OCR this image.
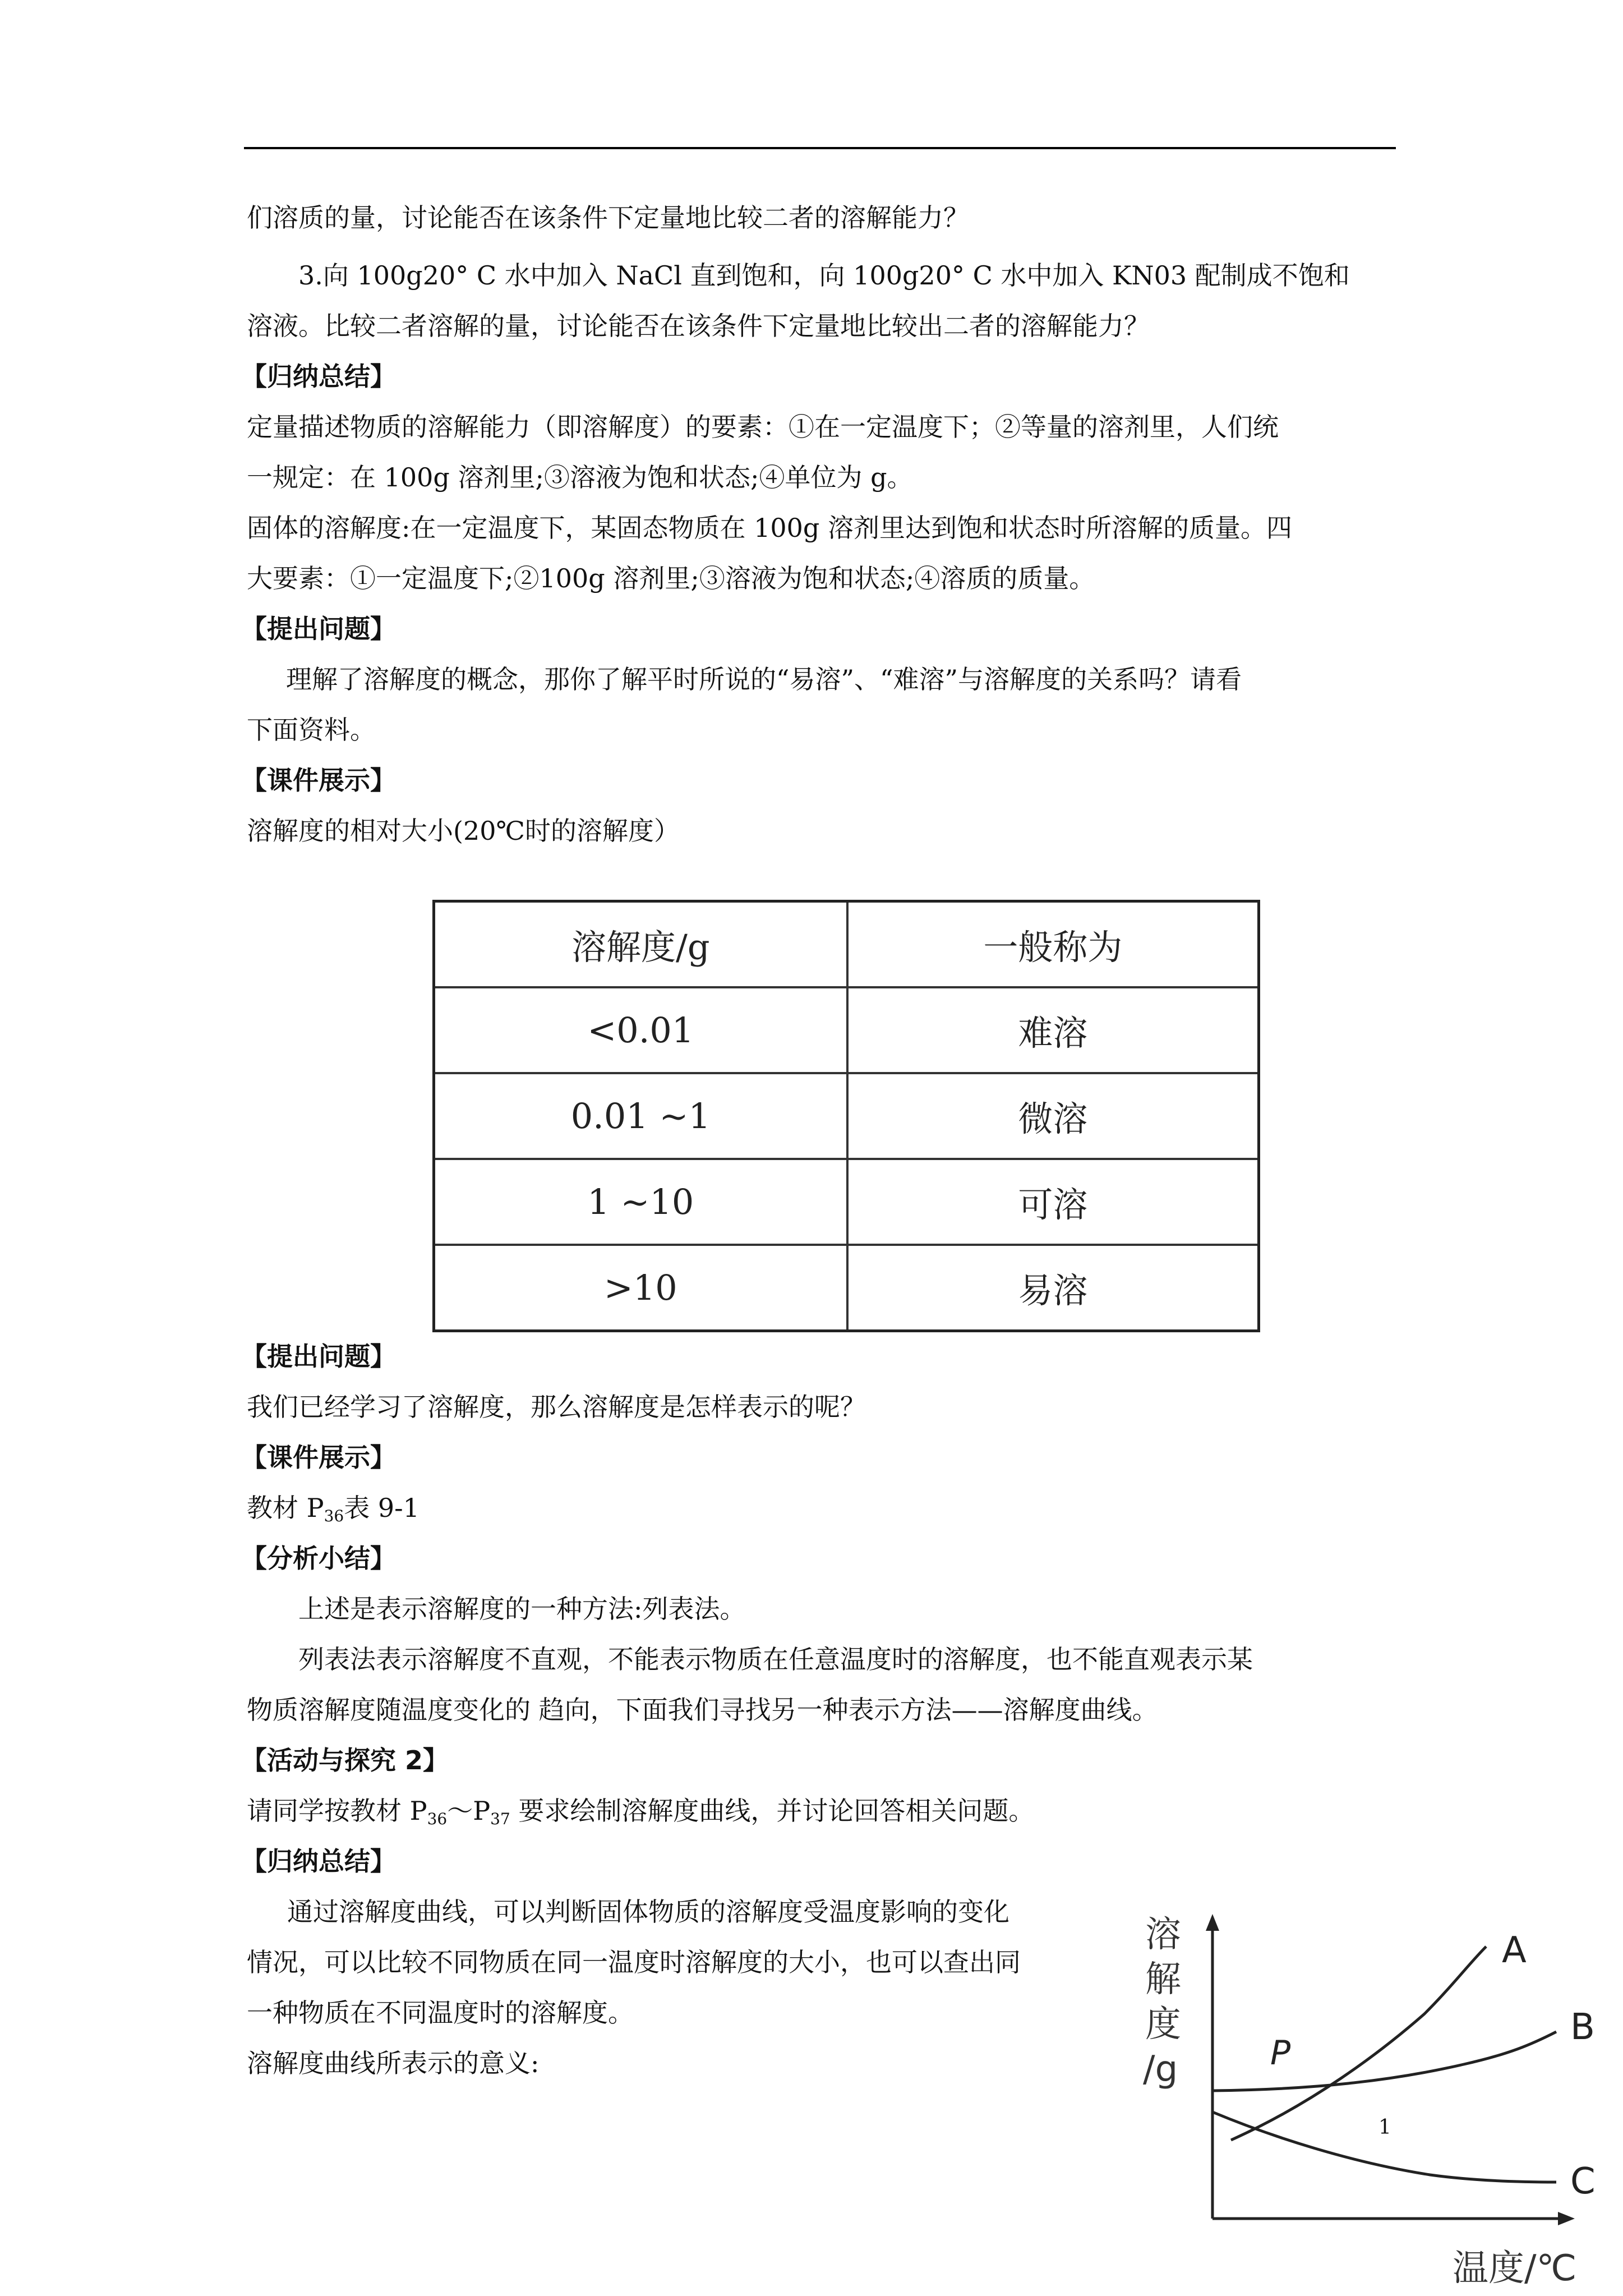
们溶质的量，讨论能否在该条件下定量地比较二者的溶解能力？

3.向 100g20° C 水中加入 NaCl 直到饱和，向 100g20° C 水中加入 KN03 配制成不饱和

溶液。比较二者溶解的量，讨论能否在该条件下定量地比较出二者的溶解能力？

【归纳总结】

定量描述物质的溶解能力（即溶解度）的要素：①在一定温度下；②等量的溶剂里，人们统

一规定：在 100g 溶剂里;③溶液为饱和状态;④单位为 g。

固体的溶解度:在一定温度下，某固态物质在 100g 溶剂里达到饱和状态时所溶解的质量。四

大要素：①一定温度下;②100g 溶剂里;③溶液为饱和状态;④溶质的质量。

【提出问题】

理解了溶解度的概念，那你了解平时所说的“易溶”、“难溶”与溶解度的关系吗？请看

下面资料。

【课件展示】

溶解度的相对大小(20℃时的溶解度）

溶解度/g	一般称为
<0.01	难溶
0.01 ~1	微溶
1 ~10	可溶
>10	易溶
【提出问题】

我们已经学习了溶解度，那么溶解度是怎样表示的呢？

【课件展示】

教材 $P_{36}$表 9-1

【分析小结】

上述是表示溶解度的一种方法:列表法。

列表法表示溶解度不直观，不能表示物质在任意温度时的溶解度，也不能直观表示某

物质溶解度随温度变化的 趋向，下面我们寻找另一种表示方法——溶解度曲线。

【活动与探究 2】

请同学按教材 $P_{36}\sim P_{37}$ 要求绘制溶解度曲线，并讨论回答相关问题。

【归纳总结】

通过溶解度曲线，可以判断固体物质的溶解度受温度影响的变化

情况，可以比较不同物质在同一温度时溶解度的大小，也可以查出同

一种物质在不同温度时的溶解度。

溶解度曲线所表示的意义:

溶
解
度
/g
温度/℃
A
B
P
C
1
